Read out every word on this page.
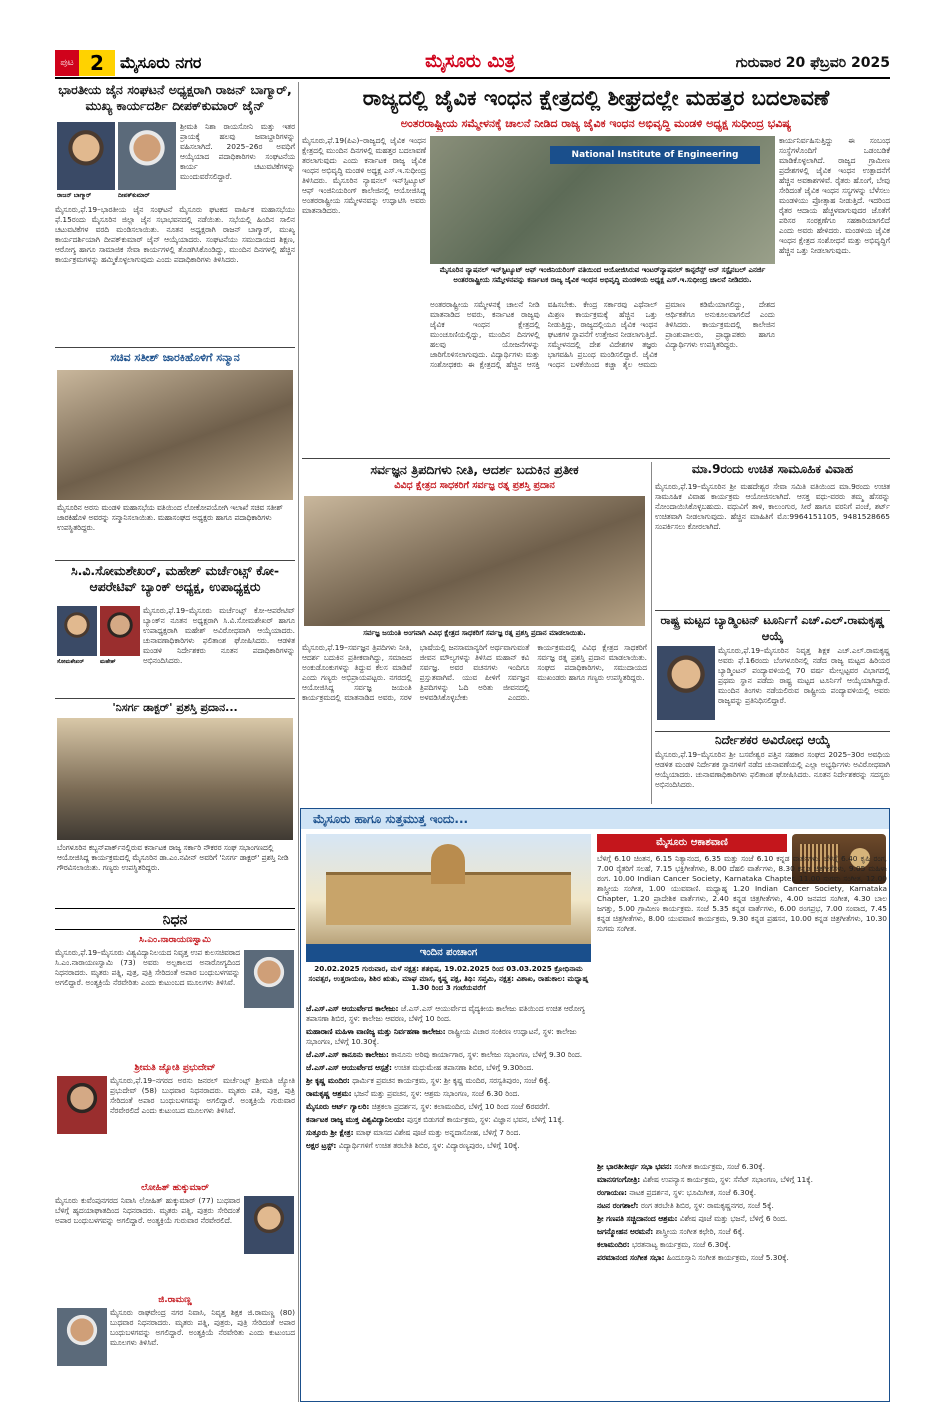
ಪುಟ 2	ಮೈಸೂರು ನಗರ	ಮೈಸೂರು ಮಿತ್ರ	ಗುರುವಾರ 20 ಫೆಬ್ರವರಿ 2025
ಭಾರತೀಯ ಜೈನ ಸಂಘಟನೆ ಅಧ್ಯಕ್ಷರಾಗಿ ರಾಜನ್ ಬಾಗ್ಮಾರ್, ಮುಖ್ಯ ಕಾರ್ಯದರ್ಶಿ ದೀಪಕ್‌ಕುಮಾರ್ ಜೈನ್
ರಾಜನ್ ಬಾಗ್ಮಾರ್	ದೀಪಕ್‌ಕುಮಾರ್
ಶ್ರೀಮತಿ ನಿಶಾ ರಾಯಸೋನಿ ಮತ್ತು ಇತರ ಪ್ರಾಯಕ್ಕೆ ಹಲವು ಜವಾಬ್ದಾರಿಗಳನ್ನು ವಹಿಸಲಾಗಿದೆ. 2025–26ರ ಅವಧಿಗೆ ಆಯ್ಕೆಯಾದ ಪದಾಧಿಕಾರಿಗಳು ಸಂಘಟನೆಯ ಕಾರ್ಯ ಚಟುವಟಿಕೆಗಳನ್ನು ಮುಂದುವರೆಸಲಿದ್ದಾರೆ.
ಮೈಸೂರು,ಫೆ.19–ಭಾರತೀಯ ಜೈನ ಸಂಘಟನೆ ಮೈಸೂರು ಘಟಕದ ವಾರ್ಷಿಕ ಮಹಾಸಭೆಯು ಫೆ.15ರಂದು ಮೈಸೂರಿನ ಜಿಲ್ಲಾ ಜೈನ ಸಭಾಭವನದಲ್ಲಿ ನಡೆಯಿತು. ಸಭೆಯಲ್ಲಿ ಹಿಂದಿನ ಸಾಲಿನ ಚಟುವಟಿಕೆಗಳ ವರದಿ ಮಂಡಿಸಲಾಯಿತು. ನೂತನ ಅಧ್ಯಕ್ಷರಾಗಿ ರಾಜನ್ ಬಾಗ್ಮಾರ್, ಮುಖ್ಯ ಕಾರ್ಯದರ್ಶಿಯಾಗಿ ದೀಪಕ್‌ಕುಮಾರ್ ಜೈನ್ ಆಯ್ಕೆಯಾದರು. ಸಂಘಟನೆಯು ಸಮುದಾಯದ ಶಿಕ್ಷಣ, ಆರೋಗ್ಯ ಹಾಗೂ ಸಾಮಾಜಿಕ ಸೇವಾ ಕಾರ್ಯಗಳಲ್ಲಿ ತೊಡಗಿಸಿಕೊಂಡಿದ್ದು, ಮುಂದಿನ ದಿನಗಳಲ್ಲಿ ಹೆಚ್ಚಿನ ಕಾರ್ಯಕ್ರಮಗಳನ್ನು ಹಮ್ಮಿಕೊಳ್ಳಲಾಗುವುದು ಎಂದು ಪದಾಧಿಕಾರಿಗಳು ತಿಳಿಸಿದರು.
ಸಚಿವ ಸತೀಶ್ ಜಾರಕಿಹೊಳಿಗೆ ಸನ್ಮಾನ
ಮೈಸೂರಿನ ಅರಸು ಮಂಡಳಿ ಮಹಾಸಭೆಯ ವತಿಯಿಂದ ಲೋಕೋಪಯೋಗಿ ಇಲಾಖೆ ಸಚಿವ ಸತೀಶ್ ಜಾರಕಿಹೊಳಿ ಅವರನ್ನು ಸನ್ಮಾನಿಸಲಾಯಿತು. ಮಹಾಸಂಘದ ಅಧ್ಯಕ್ಷರು ಹಾಗೂ ಪದಾಧಿಕಾರಿಗಳು ಉಪಸ್ಥಿತರಿದ್ದರು.
ಸಿ.ವಿ.ಸೋಮಶೇಖರ್, ಮಹೇಶ್ ಮರ್ಚೆಂಟ್ಸ್ ಕೋ-ಆಪರೇಟಿವ್ ಬ್ಯಾಂಕ್ ಅಧ್ಯಕ್ಷ, ಉಪಾಧ್ಯಕ್ಷರು
ಸೋಮಶೇಖರ್	ಮಹೇಶ್
ಮೈಸೂರು,ಫೆ.19–ಮೈಸೂರು ಮರ್ಚೆಂಟ್ಸ್ ಕೋ-ಆಪರೇಟಿವ್ ಬ್ಯಾಂಕ್‌ನ ನೂತನ ಅಧ್ಯಕ್ಷರಾಗಿ ಸಿ.ವಿ.ಸೋಮಶೇಖರ್ ಹಾಗೂ ಉಪಾಧ್ಯಕ್ಷರಾಗಿ ಮಹೇಶ್ ಅವಿರೋಧವಾಗಿ ಆಯ್ಕೆಯಾದರು. ಚುನಾವಣಾಧಿಕಾರಿಗಳು ಫಲಿತಾಂಶ ಘೋಷಿಸಿದರು. ಆಡಳಿತ ಮಂಡಳಿ ನಿರ್ದೇಶಕರು ನೂತನ ಪದಾಧಿಕಾರಿಗಳನ್ನು ಅಭಿನಂದಿಸಿದರು.
'ನಿಸರ್ಗ ಡಾಕ್ಟರ್' ಪ್ರಶಸ್ತಿ ಪ್ರದಾನ...
ಬೆಂಗಳೂರಿನ ಕಬ್ಬನ್‌ಪಾರ್ಕ್‌ನಲ್ಲಿರುವ ಕರ್ನಾಟಕ ರಾಜ್ಯ ಸರ್ಕಾರಿ ನೌಕರರ ಸಂಘ ಸಭಾಂಗಣದಲ್ಲಿ ಆಯೋಜಿಸಿದ್ದ ಕಾರ್ಯಕ್ರಮದಲ್ಲಿ ಮೈಸೂರಿನ ಡಾ.ಎಂ.ನವೀನ್ ಅವರಿಗೆ 'ನಿಸರ್ಗ ಡಾಕ್ಟರ್' ಪ್ರಶಸ್ತಿ ನೀಡಿ ಗೌರವಿಸಲಾಯಿತು. ಗಣ್ಯರು ಉಪಸ್ಥಿತರಿದ್ದರು.
ನಿಧನ
ಸಿ.ಎಂ.ನಾರಾಯಣಸ್ವಾಮಿ
ಮೈಸೂರು,ಫೆ.19–ಮೈಸೂರು ವಿಶ್ವವಿದ್ಯಾನಿಲಯದ ನಿವೃತ್ತ ಉಪ ಕುಲಸಚಿವರಾದ ಸಿ.ಎಂ.ನಾರಾಯಣಸ್ವಾಮಿ (73) ಅವರು ಅಲ್ಪಕಾಲದ ಅನಾರೋಗ್ಯದಿಂದ ನಿಧನರಾದರು. ಮೃತರು ಪತ್ನಿ, ಪುತ್ರ, ಪುತ್ರಿ ಸೇರಿದಂತೆ ಅಪಾರ ಬಂಧುಬಳಗವನ್ನು ಅಗಲಿದ್ದಾರೆ. ಅಂತ್ಯಕ್ರಿಯೆ ನೆರವೇರಿತು ಎಂದು ಕುಟುಂಬದ ಮೂಲಗಳು ತಿಳಿಸಿವೆ.
ಶ್ರೀಮತಿ ಜ್ಯೋತಿ ಪ್ರಭುದೇವ್
ಮೈಸೂರು,ಫೆ.19–ನಗರದ ಅರಸು ಜನರಲ್ ಮರ್ಚೆಂಟ್ಸ್ ಶ್ರೀಮತಿ ಜ್ಯೋತಿ ಪ್ರಭುದೇವ್ (58) ಬುಧವಾರ ನಿಧನರಾದರು. ಮೃತರು ಪತಿ, ಪುತ್ರ, ಪುತ್ರಿ ಸೇರಿದಂತೆ ಅಪಾರ ಬಂಧುಬಳಗವನ್ನು ಅಗಲಿದ್ದಾರೆ. ಅಂತ್ಯಕ್ರಿಯೆ ಗುರುವಾರ ನೆರವೇರಲಿದೆ ಎಂದು ಕುಟುಂಬದ ಮೂಲಗಳು ತಿಳಿಸಿವೆ.
ಲೋಹಿತ್ ಹುಕ್ಕುಮಾರ್
ಮೈಸೂರು ಕುವೆಂಪುನಗರದ ನಿವಾಸಿ ಲೋಹಿತ್ ಹುಕ್ಕುಮಾರ್ (77) ಬುಧವಾರ ಬೆಳಿಗ್ಗೆ ಹೃದಯಾಘಾತದಿಂದ ನಿಧನರಾದರು. ಮೃತರು ಪತ್ನಿ, ಪುತ್ರರು ಸೇರಿದಂತೆ ಅಪಾರ ಬಂಧುಬಳಗವನ್ನು ಅಗಲಿದ್ದಾರೆ. ಅಂತ್ಯಕ್ರಿಯೆ ಗುರುವಾರ ನೆರವೇರಲಿದೆ.
ಜಿ.ರಾಮಣ್ಣ
ಮೈಸೂರು ರಾಘವೇಂದ್ರ ನಗರ ನಿವಾಸಿ, ನಿವೃತ್ತ ಶಿಕ್ಷಕ ಜಿ.ರಾಮಣ್ಣ (80) ಬುಧವಾರ ನಿಧನರಾದರು. ಮೃತರು ಪತ್ನಿ, ಪುತ್ರರು, ಪುತ್ರಿ ಸೇರಿದಂತೆ ಅಪಾರ ಬಂಧುಬಳಗವನ್ನು ಅಗಲಿದ್ದಾರೆ. ಅಂತ್ಯಕ್ರಿಯೆ ನೆರವೇರಿತು ಎಂದು ಕುಟುಂಬದ ಮೂಲಗಳು ತಿಳಿಸಿವೆ.
ರಾಜ್ಯದಲ್ಲಿ ಜೈವಿಕ ಇಂಧನ ಕ್ಷೇತ್ರದಲ್ಲಿ ಶೀಘ್ರದಲ್ಲೇ ಮಹತ್ತರ ಬದಲಾವಣೆ
ಅಂತರರಾಷ್ಟ್ರೀಯ ಸಮ್ಮೇಳನಕ್ಕೆ ಚಾಲನೆ ನೀಡಿದ ರಾಜ್ಯ ಜೈವಿಕ ಇಂಧನ ಅಭಿವೃದ್ಧಿ ಮಂಡಳಿ ಅಧ್ಯಕ್ಷ ಸುಧೀಂದ್ರ ಭವಿಷ್ಯ
ಮೈಸೂರು,ಫೆ.19(ಪಿಎ)–ರಾಜ್ಯದಲ್ಲಿ ಜೈವಿಕ ಇಂಧನ ಕ್ಷೇತ್ರದಲ್ಲಿ ಮುಂದಿನ ದಿನಗಳಲ್ಲಿ ಮಹತ್ತರ ಬದಲಾವಣೆ ತರಲಾಗುವುದು ಎಂದು ಕರ್ನಾಟಕ ರಾಜ್ಯ ಜೈವಿಕ ಇಂಧನ ಅಭಿವೃದ್ಧಿ ಮಂಡಳಿ ಅಧ್ಯಕ್ಷ ಎಸ್.ಇ.ಸುಧೀಂದ್ರ ತಿಳಿಸಿದರು. ಮೈಸೂರಿನ ನ್ಯಾಷನಲ್ ಇನ್‌ಸ್ಟಿಟ್ಯೂಟ್ ಆಫ್ ಇಂಜಿನಿಯರಿಂಗ್ ಕಾಲೇಜಿನಲ್ಲಿ ಆಯೋಜಿಸಿದ್ದ ಅಂತರರಾಷ್ಟ್ರೀಯ ಸಮ್ಮೇಳನವನ್ನು ಉದ್ಘಾಟಿಸಿ ಅವರು ಮಾತನಾಡಿದರು.
National Institute of Engineering
ಮೈಸೂರಿನ ನ್ಯಾಷನಲ್ ಇನ್‌ಸ್ಟಿಟ್ಯೂಟ್ ಆಫ್ ಇಂಜಿನಿಯರಿಂಗ್ ವತಿಯಿಂದ ಆಯೋಜಿಸಿರುವ ಇಂಟರ್‌ನ್ಯಾಷನಲ್ ಕಾನ್ಫರೆನ್ಸ್ ಆನ್ ಸಸ್ಟೈನಬಲ್ ಎನರ್ಜಿ ಅಂತರರಾಷ್ಟ್ರೀಯ ಸಮ್ಮೇಳನವನ್ನು ಕರ್ನಾಟಕ ರಾಜ್ಯ ಜೈವಿಕ ಇಂಧನ ಅಭಿವೃದ್ಧಿ ಮಂಡಳಿಯ ಅಧ್ಯಕ್ಷ ಎಸ್.ಇ.ಸುಧೀಂದ್ರ ಚಾಲನೆ ನೀಡಿದರು.
ಕಾರ್ಯನಿರ್ವಹಿಸುತ್ತಿದ್ದು ಈ ಸಂಬಂಧ ಸಂಸ್ಥೆಗಳೊಂದಿಗೆ ಒಡಂಬಡಿಕೆ ಮಾಡಿಕೊಳ್ಳಲಾಗಿದೆ. ರಾಜ್ಯದ ಗ್ರಾಮೀಣ ಪ್ರದೇಶಗಳಲ್ಲಿ ಜೈವಿಕ ಇಂಧನ ಉತ್ಪಾದನೆಗೆ ಹೆಚ್ಚಿನ ಅವಕಾಶಗಳಿವೆ. ರೈತರು ಹೊಂಗೆ, ಬೇವು ಸೇರಿದಂತೆ ಜೈವಿಕ ಇಂಧನ ಸಸ್ಯಗಳನ್ನು ಬೆಳೆಸಲು ಮಂಡಳಿಯು ಪ್ರೋತ್ಸಾಹ ನೀಡುತ್ತಿದೆ. ಇದರಿಂದ ರೈತರ ಆದಾಯ ಹೆಚ್ಚಳವಾಗುವುದರ ಜೊತೆಗೆ ಪರಿಸರ ಸಂರಕ್ಷಣೆಗೂ ಸಹಕಾರಿಯಾಗಲಿದೆ ಎಂದು ಅವರು ಹೇಳಿದರು. ಮಂಡಳಿಯ ಜೈವಿಕ ಇಂಧನ ಕ್ಷೇತ್ರದ ಸಂಶೋಧನೆ ಮತ್ತು ಅಭಿವೃದ್ಧಿಗೆ ಹೆಚ್ಚಿನ ಒತ್ತು ನೀಡಲಾಗುವುದು.
ಅಂತರರಾಷ್ಟ್ರೀಯ ಸಮ್ಮೇಳನಕ್ಕೆ ಚಾಲನೆ ನೀಡಿ ಮಾತನಾಡಿದ ಅವರು, ಕರ್ನಾಟಕ ರಾಜ್ಯವು ಜೈವಿಕ ಇಂಧನ ಕ್ಷೇತ್ರದಲ್ಲಿ ಮುಂಚೂಣಿಯಲ್ಲಿದ್ದು, ಮುಂದಿನ ದಿನಗಳಲ್ಲಿ ಹಲವು ಯೋಜನೆಗಳನ್ನು ಜಾರಿಗೊಳಿಸಲಾಗುವುದು. ವಿದ್ಯಾರ್ಥಿಗಳು ಮತ್ತು ಸಂಶೋಧಕರು ಈ ಕ್ಷೇತ್ರದಲ್ಲಿ ಹೆಚ್ಚಿನ ಆಸಕ್ತಿ ವಹಿಸಬೇಕು. ಕೇಂದ್ರ ಸರ್ಕಾರವು ಎಥೆನಾಲ್ ಮಿಶ್ರಣ ಕಾರ್ಯಕ್ರಮಕ್ಕೆ ಹೆಚ್ಚಿನ ಒತ್ತು ನೀಡುತ್ತಿದ್ದು, ರಾಜ್ಯದಲ್ಲಿಯೂ ಜೈವಿಕ ಇಂಧನ ಘಟಕಗಳ ಸ್ಥಾಪನೆಗೆ ಉತ್ತೇಜನ ನೀಡಲಾಗುತ್ತಿದೆ. ಸಮ್ಮೇಳನದಲ್ಲಿ ದೇಶ ವಿದೇಶಗಳ ತಜ್ಞರು ಭಾಗವಹಿಸಿ ಪ್ರಬಂಧ ಮಂಡಿಸಲಿದ್ದಾರೆ. ಜೈವಿಕ ಇಂಧನ ಬಳಕೆಯಿಂದ ಕಚ್ಚಾ ತೈಲ ಆಮದು ಪ್ರಮಾಣ ಕಡಿಮೆಯಾಗಲಿದ್ದು, ದೇಶದ ಆರ್ಥಿಕತೆಗೂ ಅನುಕೂಲವಾಗಲಿದೆ ಎಂದು ತಿಳಿಸಿದರು. ಕಾರ್ಯಕ್ರಮದಲ್ಲಿ ಕಾಲೇಜಿನ ಪ್ರಾಂಶುಪಾಲರು, ಪ್ರಾಧ್ಯಾಪಕರು ಹಾಗೂ ವಿದ್ಯಾರ್ಥಿಗಳು ಉಪಸ್ಥಿತರಿದ್ದರು.
ಸರ್ವಜ್ಞನ ತ್ರಿಪದಿಗಳು ನೀತಿ, ಆದರ್ಶ ಬದುಕಿನ ಪ್ರತೀಕ
ವಿವಿಧ ಕ್ಷೇತ್ರದ ಸಾಧಕರಿಗೆ ಸರ್ವಜ್ಞ ರತ್ನ ಪ್ರಶಸ್ತಿ ಪ್ರದಾನ
ಸರ್ವಜ್ಞ ಜಯಂತಿ ಅಂಗವಾಗಿ ವಿವಿಧ ಕ್ಷೇತ್ರದ ಸಾಧಕರಿಗೆ ಸರ್ವಜ್ಞ ರತ್ನ ಪ್ರಶಸ್ತಿ ಪ್ರದಾನ ಮಾಡಲಾಯಿತು.
ಮೈಸೂರು,ಫೆ.19–ಸರ್ವಜ್ಞನ ತ್ರಿಪದಿಗಳು ನೀತಿ, ಆದರ್ಶ ಬದುಕಿನ ಪ್ರತೀಕವಾಗಿದ್ದು, ಸಮಾಜದ ಅಂಕುಡೊಂಕುಗಳನ್ನು ತಿದ್ದುವ ಕೆಲಸ ಮಾಡಿವೆ ಎಂದು ಗಣ್ಯರು ಅಭಿಪ್ರಾಯಪಟ್ಟರು. ನಗರದಲ್ಲಿ ಆಯೋಜಿಸಿದ್ದ ಸರ್ವಜ್ಞ ಜಯಂತಿ ಕಾರ್ಯಕ್ರಮದಲ್ಲಿ ಮಾತನಾಡಿದ ಅವರು, ಸರಳ ಭಾಷೆಯಲ್ಲಿ ಜನಸಾಮಾನ್ಯರಿಗೆ ಅರ್ಥವಾಗುವಂತೆ ಜೀವನ ಮೌಲ್ಯಗಳನ್ನು ತಿಳಿಸಿದ ಮಹಾನ್ ಕವಿ ಸರ್ವಜ್ಞ. ಅವರ ವಚನಗಳು ಇಂದಿಗೂ ಪ್ರಸ್ತುತವಾಗಿವೆ. ಯುವ ಪೀಳಿಗೆ ಸರ್ವಜ್ಞನ ತ್ರಿಪದಿಗಳನ್ನು ಓದಿ ಅರಿತು ಜೀವನದಲ್ಲಿ ಅಳವಡಿಸಿಕೊಳ್ಳಬೇಕು ಎಂದರು. ಕಾರ್ಯಕ್ರಮದಲ್ಲಿ ವಿವಿಧ ಕ್ಷೇತ್ರದ ಸಾಧಕರಿಗೆ ಸರ್ವಜ್ಞ ರತ್ನ ಪ್ರಶಸ್ತಿ ಪ್ರದಾನ ಮಾಡಲಾಯಿತು. ಸಂಘದ ಪದಾಧಿಕಾರಿಗಳು, ಸಮುದಾಯದ ಮುಖಂಡರು ಹಾಗೂ ಗಣ್ಯರು ಉಪಸ್ಥಿತರಿದ್ದರು.
ಮಾ.9ರಂದು ಉಚಿತ ಸಾಮೂಹಿಕ ವಿವಾಹ
ಮೈಸೂರು,ಫೆ.19–ಮೈಸೂರಿನ ಶ್ರೀ ಮಹದೇಶ್ವರ ಸೇವಾ ಸಮಿತಿ ವತಿಯಿಂದ ಮಾ.9ರಂದು ಉಚಿತ ಸಾಮೂಹಿಕ ವಿವಾಹ ಕಾರ್ಯಕ್ರಮ ಆಯೋಜಿಸಲಾಗಿದೆ. ಆಸಕ್ತ ವಧು-ವರರು ತಮ್ಮ ಹೆಸರನ್ನು ನೋಂದಾಯಿಸಿಕೊಳ್ಳಬಹುದು. ವಧುವಿಗೆ ತಾಳಿ, ಕಾಲುಂಗುರ, ಸೀರೆ ಹಾಗೂ ವರನಿಗೆ ಪಂಚೆ, ಶರ್ಟ್ ಉಚಿತವಾಗಿ ನೀಡಲಾಗುವುದು. ಹೆಚ್ಚಿನ ಮಾಹಿತಿಗೆ ಮೊ:9964151105, 9481528665 ಸಂಪರ್ಕಿಸಲು ಕೋರಲಾಗಿದೆ.
ರಾಷ್ಟ್ರ ಮಟ್ಟದ ಬ್ಯಾಡ್ಮಿಂಟನ್ ಟೂರ್ನಿಗೆ ಎಚ್.ಎಲ್.ರಾಮಕೃಷ್ಣ ಆಯ್ಕೆ
ಮೈಸೂರು,ಫೆ.19–ಮೈಸೂರಿನ ನಿವೃತ್ತ ಶಿಕ್ಷಕ ಎಚ್.ಎಲ್.ರಾಮಕೃಷ್ಣ ಅವರು ಫೆ.16ರಂದು ಬೆಂಗಳೂರಿನಲ್ಲಿ ನಡೆದ ರಾಜ್ಯ ಮಟ್ಟದ ಹಿರಿಯರ ಬ್ಯಾಡ್ಮಿಂಟನ್ ಪಂದ್ಯಾವಳಿಯಲ್ಲಿ 70 ವರ್ಷ ಮೇಲ್ಪಟ್ಟವರ ವಿಭಾಗದಲ್ಲಿ ಪ್ರಥಮ ಸ್ಥಾನ ಪಡೆದು ರಾಷ್ಟ್ರ ಮಟ್ಟದ ಟೂರ್ನಿಗೆ ಆಯ್ಕೆಯಾಗಿದ್ದಾರೆ. ಮುಂದಿನ ತಿಂಗಳು ನಡೆಯಲಿರುವ ರಾಷ್ಟ್ರೀಯ ಪಂದ್ಯಾವಳಿಯಲ್ಲಿ ಅವರು ರಾಜ್ಯವನ್ನು ಪ್ರತಿನಿಧಿಸಲಿದ್ದಾರೆ.
ನಿರ್ದೇಶಕರ ಅವಿರೋಧ ಆಯ್ಕೆ
ಮೈಸೂರು,ಫೆ.19–ಮೈಸೂರಿನ ಶ್ರೀ ಬಸವೇಶ್ವರ ಪತ್ತಿನ ಸಹಕಾರ ಸಂಘದ 2025–30ರ ಅವಧಿಯ ಆಡಳಿತ ಮಂಡಳಿ ನಿರ್ದೇಶಕ ಸ್ಥಾನಗಳಿಗೆ ನಡೆದ ಚುನಾವಣೆಯಲ್ಲಿ ಎಲ್ಲಾ ಅಭ್ಯರ್ಥಿಗಳು ಅವಿರೋಧವಾಗಿ ಆಯ್ಕೆಯಾದರು. ಚುನಾವಣಾಧಿಕಾರಿಗಳು ಫಲಿತಾಂಶ ಘೋಷಿಸಿದರು. ನೂತನ ನಿರ್ದೇಶಕರನ್ನು ಸದಸ್ಯರು ಅಭಿನಂದಿಸಿದರು.
ಮೈಸೂರು ಹಾಗೂ ಸುತ್ತಮುತ್ತ ಇಂದು...
ಇಂದಿನ ಪಂಚಾಂಗ
20.02.2025 ಗುರುವಾರ, ಮಳೆ ನಕ್ಷತ್ರ: ಶತಭಿಷ, 19.02.2025 ರಿಂದ 03.03.2025 ಕ್ರೋಧಿನಾಮ ಸಂವತ್ಸರ, ಉತ್ತರಾಯಣ, ಶಿಶಿರ ಋತು, ಮಾಘ ಮಾಸ, ಕೃಷ್ಣ ಪಕ್ಷ, ತಿಥಿ: ಸಪ್ತಮಿ, ನಕ್ಷತ್ರ: ವಿಶಾಖ, ರಾಹುಕಾಲ: ಮಧ್ಯಾಹ್ನ 1.30 ರಿಂದ 3 ಗಂಟೆಯವರೆಗೆ
ಮೈಸೂರು ಆಕಾಶವಾಣಿ
ಬೆಳಿಗ್ಗೆ 6.10 ಚಿಂತನ, 6.15 ನಿತ್ಯಾನಂದ, 6.35 ಮತ್ತು ಸಂಜೆ 6.10 ಕನ್ನಡ ವಾರ್ತೆಗಳು. ಬೆಳಿಗ್ಗೆ 6.40 ಕೃಷಿ ರಂಗ, 7.00 ರೈತರಿಗೆ ಸಲಹೆ, 7.15 ಭಕ್ತಿಗೀತೆಗಳು, 8.00 ದೆಹಲಿ ವಾರ್ತೆಗಳು, 8.30 ಕನ್ನಡ ಚಿತ್ರಗೀತೆಗಳು, 9.05 ಮಹಿಳಾ ರಂಗ. 10.00 Indian Cancer Society, Karnataka Chapter. 11.00 ಸುಗಮ ಸಂಗೀತ, 12.00 ಶಾಸ್ತ್ರೀಯ ಸಂಗೀತ, 1.00 ಯುವವಾಣಿ. ಮಧ್ಯಾಹ್ನ 1.20 Indian Cancer Society, Karnataka Chapter, 1.20 ಪ್ರಾದೇಶಿಕ ವಾರ್ತೆಗಳು, 2.40 ಕನ್ನಡ ಚಿತ್ರಗೀತೆಗಳು, 4.00 ಜನಪದ ಸಂಗೀತ, 4.30 ಬಾಲ ಜಗತ್ತು, 5.00 ಗ್ರಾಮೀಣ ಕಾರ್ಯಕ್ರಮ. ಸಂಜೆ 5.35 ಕನ್ನಡ ವಾರ್ತೆಗಳು, 6.00 ರಂಗಪ್ರಭ, 7.00 ಸಂವಾದ, 7.45 ಕನ್ನಡ ಚಿತ್ರಗೀತೆಗಳು, 8.00 ಯುವವಾಣಿ ಕಾರ್ಯಕ್ರಮ, 9.30 ಕನ್ನಡ ಪ್ರಹಸನ, 10.00 ಕನ್ನಡ ಚಿತ್ರಗೀತೆಗಳು, 10.30 ಸುಗಮ ಸಂಗೀತ.
ಜೆ.ಎಸ್.ಎಸ್ ಆಯುರ್ವೇದ ಕಾಲೇಜು: ಜೆ.ಎಸ್.ಎಸ್ ಆಯುರ್ವೇದ ವೈದ್ಯಕೀಯ ಕಾಲೇಜು ವತಿಯಿಂದ ಉಚಿತ ಆರೋಗ್ಯ ತಪಾಸಣಾ ಶಿಬಿರ, ಸ್ಥಳ: ಕಾಲೇಜು ಆವರಣ, ಬೆಳಿಗ್ಗೆ 10 ರಿಂದ.
ಮಹಾರಾಣಿ ಮಹಿಳಾ ವಾಣಿಜ್ಯ ಮತ್ತು ನಿರ್ವಹಣಾ ಕಾಲೇಜು: ರಾಷ್ಟ್ರೀಯ ವಿಚಾರ ಸಂಕಿರಣ ಉದ್ಘಾಟನೆ, ಸ್ಥಳ: ಕಾಲೇಜು ಸಭಾಂಗಣ, ಬೆಳಿಗ್ಗೆ 10.30ಕ್ಕೆ.
ಜೆ.ಎಸ್.ಎಸ್ ಕಾನೂನು ಕಾಲೇಜು: ಕಾನೂನು ಅರಿವು ಕಾರ್ಯಾಗಾರ, ಸ್ಥಳ: ಕಾಲೇಜು ಸಭಾಂಗಣ, ಬೆಳಿಗ್ಗೆ 9.30 ರಿಂದ.
ಜೆ.ಎಸ್.ಎಸ್ ಆಯುರ್ವೇದ ಆಸ್ಪತ್ರೆ: ಉಚಿತ ಮಧುಮೇಹ ತಪಾಸಣಾ ಶಿಬಿರ, ಬೆಳಿಗ್ಗೆ 9.30ರಿಂದ.
ಶ್ರೀ ಕೃಷ್ಣ ಮಂದಿರ: ಧಾರ್ಮಿಕ ಪ್ರವಚನ ಕಾರ್ಯಕ್ರಮ, ಸ್ಥಳ: ಶ್ರೀ ಕೃಷ್ಣ ಮಂದಿರ, ಸರಸ್ವತಿಪುರಂ, ಸಂಜೆ 6ಕ್ಕೆ.
ರಾಮಕೃಷ್ಣ ಆಶ್ರಮ: ಭಜನೆ ಮತ್ತು ಪ್ರವಚನ, ಸ್ಥಳ: ಆಶ್ರಮ ಸಭಾಂಗಣ, ಸಂಜೆ 6.30 ರಿಂದ.
ಮೈಸೂರು ಆರ್ಟ್ ಗ್ಯಾಲರಿ: ಚಿತ್ರಕಲಾ ಪ್ರದರ್ಶನ, ಸ್ಥಳ: ಕಲಾಮಂದಿರ, ಬೆಳಿಗ್ಗೆ 10 ರಿಂದ ಸಂಜೆ 6ರವರೆಗೆ.
ಕರ್ನಾಟಕ ರಾಜ್ಯ ಮುಕ್ತ ವಿಶ್ವವಿದ್ಯಾನಿಲಯ: ಪುಸ್ತಕ ಬಿಡುಗಡೆ ಕಾರ್ಯಕ್ರಮ, ಸ್ಥಳ: ವಿಜ್ಞಾನ ಭವನ, ಬೆಳಿಗ್ಗೆ 11ಕ್ಕೆ.
ಸುತ್ತೂರು ಶ್ರೀ ಕ್ಷೇತ್ರ: ಮಾಘ ಮಾಸದ ವಿಶೇಷ ಪೂಜೆ ಮತ್ತು ಅನ್ನದಾಸೋಹ, ಬೆಳಿಗ್ಗೆ 7 ರಿಂದ.
ಅಕ್ಷರ ಟ್ರಸ್ಟ್: ವಿದ್ಯಾರ್ಥಿಗಳಿಗೆ ಉಚಿತ ತರಬೇತಿ ಶಿಬಿರ, ಸ್ಥಳ: ವಿದ್ಯಾರಣ್ಯಪುರಂ, ಬೆಳಿಗ್ಗೆ 10ಕ್ಕೆ.
ಶ್ರೀ ಭಾರತೀತೀರ್ಥ ಸಭಾ ಭವನ: ಸಂಗೀತ ಕಾರ್ಯಕ್ರಮ, ಸಂಜೆ 6.30ಕ್ಕೆ.
ಮಾನಸಗಂಗೋತ್ರಿ: ವಿಶೇಷ ಉಪನ್ಯಾಸ ಕಾರ್ಯಕ್ರಮ, ಸ್ಥಳ: ಸೆನೆಟ್ ಸಭಾಂಗಣ, ಬೆಳಿಗ್ಗೆ 11ಕ್ಕೆ.
ರಂಗಾಯಣ: ನಾಟಕ ಪ್ರದರ್ಶನ, ಸ್ಥಳ: ಭೂಮಿಗೀತ, ಸಂಜೆ 6.30ಕ್ಕೆ.
ನಟನ ರಂಗಶಾಲೆ: ರಂಗ ತರಬೇತಿ ಶಿಬಿರ, ಸ್ಥಳ: ರಾಮಕೃಷ್ಣನಗರ, ಸಂಜೆ 5ಕ್ಕೆ.
ಶ್ರೀ ಗಣಪತಿ ಸಚ್ಚಿದಾನಂದ ಆಶ್ರಮ: ವಿಶೇಷ ಪೂಜೆ ಮತ್ತು ಭಜನೆ, ಬೆಳಿಗ್ಗೆ 6 ರಿಂದ.
ಜಗನ್ಮೋಹನ ಅರಮನೆ: ಶಾಸ್ತ್ರೀಯ ಸಂಗೀತ ಕಛೇರಿ, ಸಂಜೆ 6ಕ್ಕೆ.
ಕಲಾಮಂದಿರ: ಭರತನಾಟ್ಯ ಕಾರ್ಯಕ್ರಮ, ಸಂಜೆ 6.30ಕ್ಕೆ.
ಪರಮಾನಂದ ಸಂಗೀತ ಸಭಾ: ಹಿಂದೂಸ್ತಾನಿ ಸಂಗೀತ ಕಾರ್ಯಕ್ರಮ, ಸಂಜೆ 5.30ಕ್ಕೆ.
